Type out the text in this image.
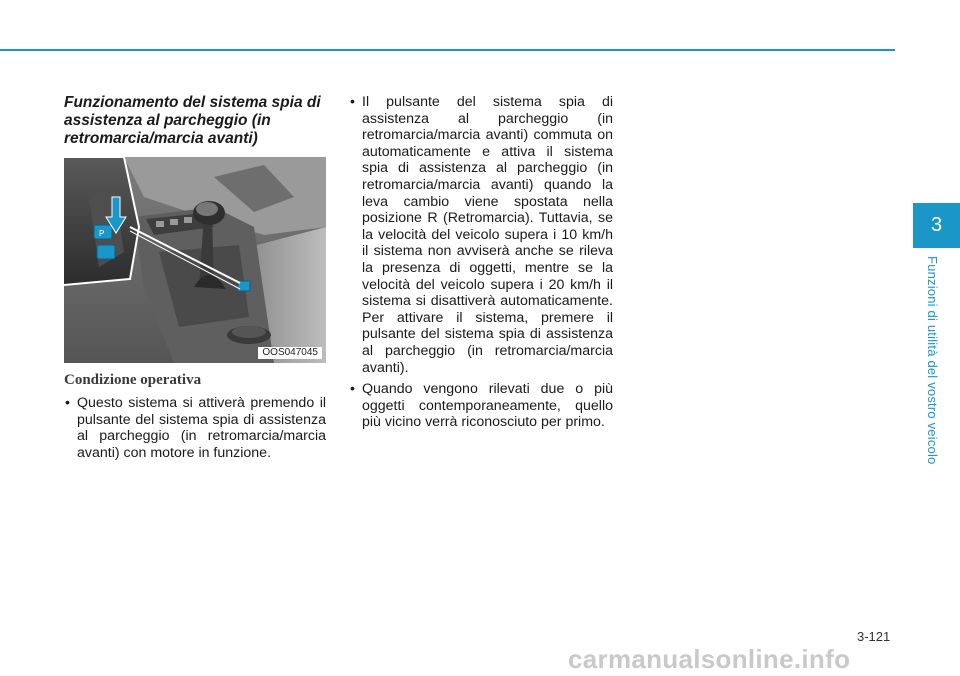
Funzionamento del sistema spia di assistenza al parcheggio (in retromarcia/marcia avanti)
P
OOS047045
Condizione operativa
• Questo sistema si attiverà premendo il pulsante del sistema spia di assistenza al parcheggio (in retromarcia/marcia avanti) con motore in funzione.
• Il pulsante del sistema spia di assistenza al parcheggio (in retromarcia/marcia avanti) commuta on automaticamente e attiva il sistema spia di assistenza al parcheggio (in retromarcia/marcia avanti) quando la leva cambio viene spostata nella posizione R (Retromarcia). Tuttavia, se la velocità del veicolo supera i 10 km/h il sistema non avviserà anche se rileva la presenza di oggetti, mentre se la velocità del veicolo supera i 20 km/h il sistema si disattiverà automaticamente. Per attivare il sistema, premere il pulsante del sistema spia di assistenza al parcheggio (in retromarcia/marcia avanti).
• Quando vengono rilevati due o più oggetti contemporaneamente, quello più vicino verrà riconosciuto per primo.
3
Funzioni di utilità del vostro veicolo
3-121
carmanualsonline.info
